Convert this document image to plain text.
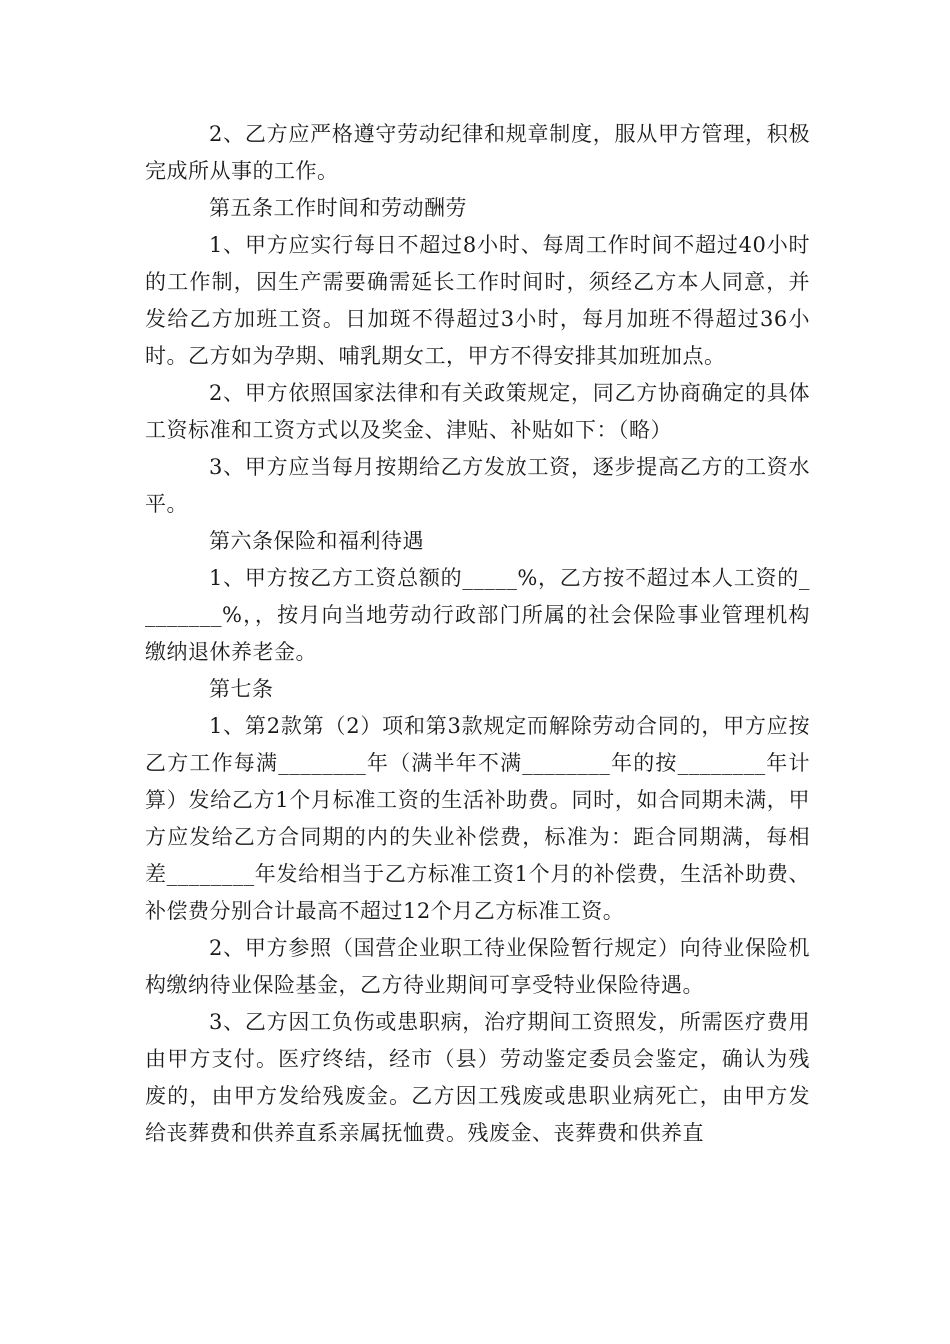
2、乙方应严格遵守劳动纪律和规章制度，服从甲方管理，积极完成所从事的工作。

第五条工作时间和劳动酬劳

1、甲方应实行每日不超过8小时、每周工作时间不超过40小时的工作制，因生产需要确需延长工作时间时，须经乙方本人同意，并发给乙方加班工资。日加斑不得超过3小时，每月加班不得超过36小时。乙方如为孕期、哺乳期女工，甲方不得安排其加班加点。

2、甲方依照国家法律和有关政策规定，同乙方协商确定的具体工资标准和工资方式以及奖金、津贴、补贴如下：（略）

3、甲方应当每月按期给乙方发放工资，逐步提高乙方的工资水平。

第六条保险和福利待遇

1、甲方按乙方工资总额的_____%，乙方按不超过本人工资的________%，，按月向当地劳动行政部门所属的社会保险事业管理机构缴纳退休养老金。

第七条

1、第2款第（2）项和第3款规定而解除劳动合同的，甲方应按乙方工作每满________年（满半年不满________年的按________年计算）发给乙方1个月标准工资的生活补助费。同时，如合同期未满，甲方应发给乙方合同期的内的失业补偿费，标准为：距合同期满，每相差________年发给相当于乙方标准工资1个月的补偿费，生活补助费、补偿费分别合计最高不超过12个月乙方标准工资。

2、甲方参照（国营企业职工待业保险暂行规定）向待业保险机构缴纳待业保险基金，乙方待业期间可享受特业保险待遇。

3、乙方因工负伤或患职病，治疗期间工资照发，所需医疗费用由甲方支付。医疗终结，经市（县）劳动鉴定委员会鉴定，确认为残废的，由甲方发给残废金。乙方因工残废或患职业病死亡，由甲方发给丧葬费和供养直系亲属抚恤费。残废金、丧葬费和供养直
